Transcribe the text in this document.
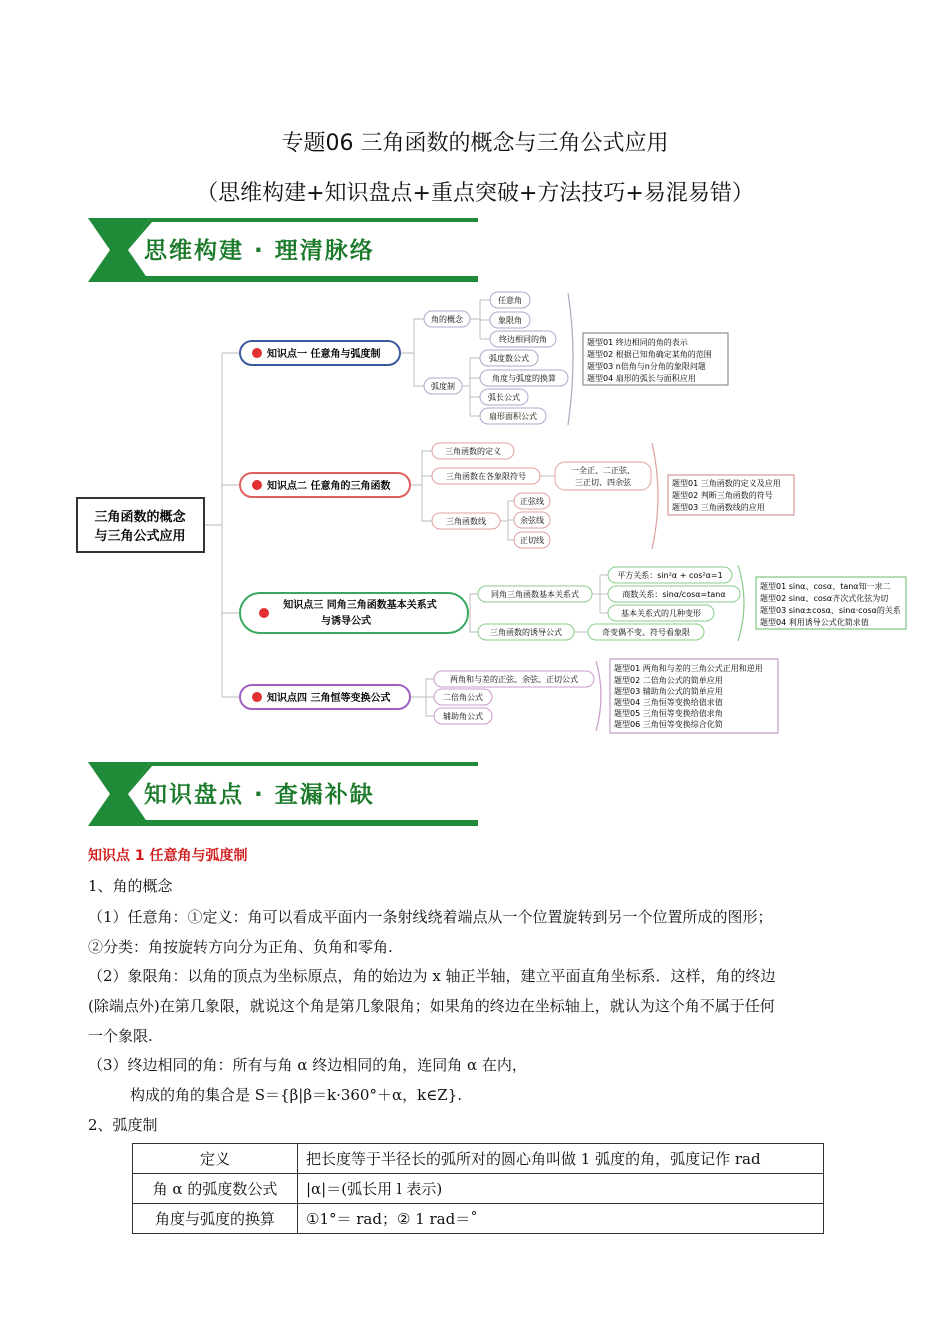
专题06 三角函数的概念与三角公式应用
（思维构建+知识盘点+重点突破+方法技巧+易混易错）
思维构建 · 理清脉络
三角函数的概念
与三角公式应用
知识点一 任意角与弧度制
角的概念
任意角
象限角
终边相同的角
弧度制
弧度数公式
角度与弧度的换算
弧长公式
扇形面积公式
题型01 终边相同的角的表示
题型02 根据已知角确定某角的范围
题型03 n倍角与n分角的象限问题
题型04 扇形的弧长与面积应用
知识点二 任意角的三角函数
三角函数的定义
三角函数在各象限符号
一全正、二正弦、
三正切、四余弦
三角函数线
正弦线
余弦线
正切线
题型01 三角函数的定义及应用
题型02 判断三角函数的符号
题型03 三角函数线的应用
知识点三 同角三角函数基本关系式
与诱导公式
同角三角函数基本关系式
平方关系：sin²α + cos²α=1
商数关系：sinα/cosα=tanα
基本关系式的几种变形
三角函数的诱导公式	奇变偶不变、符号看象限
题型01 sinα、cosα、tanα知一求二
题型02 sinα、cosα齐次式化弦为切
题型03 sinα±cosα、sinα·cosα的关系
题型04 利用诱导公式化简求值
知识点四 三角恒等变换公式
两角和与差的正弦、余弦、正切公式
二倍角公式
辅助角公式
题型01 两角和与差的三角公式正用和逆用
题型02 二倍角公式的简单应用
题型03 辅助角公式的简单应用
题型04 三角恒等变换给值求值
题型05 三角恒等变换给值求角
题型06 三角恒等变换综合化简
知识盘点 · 查漏补缺
知识点 1 任意角与弧度制
1、角的概念
（1）任意角：①定义：角可以看成平面内一条射线绕着端点从一个位置旋转到另一个位置所成的图形；
②分类：角按旋转方向分为正角、负角和零角.
（2）象限角：以角的顶点为坐标原点，角的始边为 x 轴正半轴，建立平面直角坐标系．这样，角的终边
(除端点外)在第几象限，就说这个角是第几象限角；如果角的终边在坐标轴上，就认为这个角不属于任何
一个象限.
（3）终边相同的角：所有与角 α 终边相同的角，连同角 α 在内，
构成的角的集合是 S＝{β|β＝k·360°＋α，k∈Z}.
2、弧度制
定义	把长度等于半径长的弧所对的圆心角叫做 1 弧度的角，弧度记作 rad
角 α 的弧度数公式	|α|＝(弧长用 l 表示)
角度与弧度的换算	①1°＝ rad；② 1 rad＝˚
